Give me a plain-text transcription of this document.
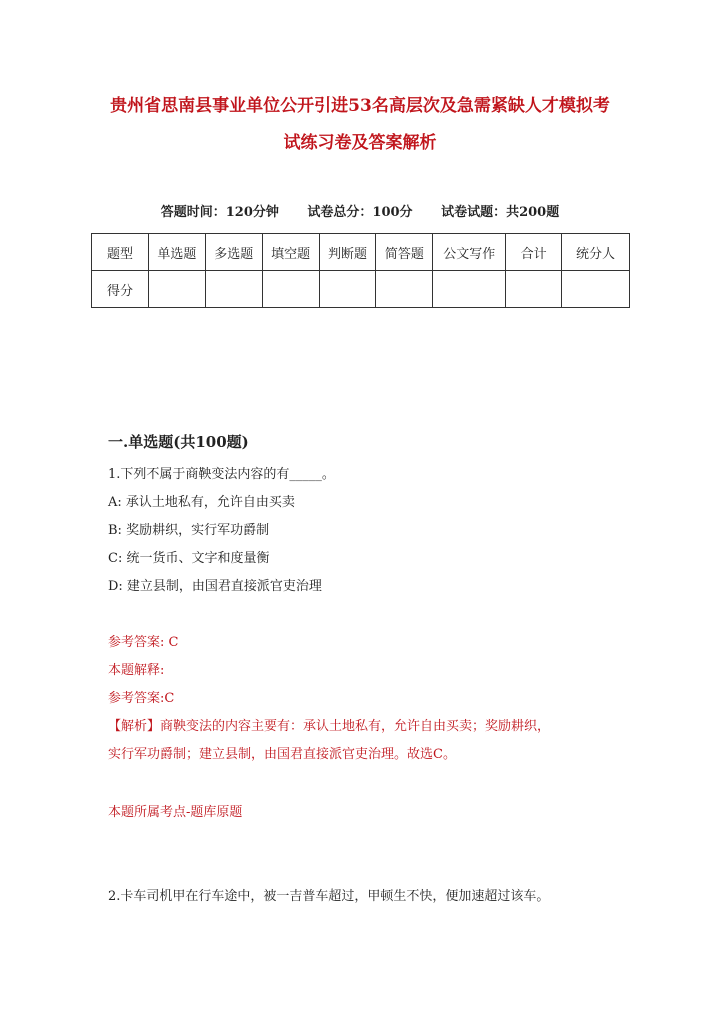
贵州省思南县事业单位公开引进53名高层次及急需紧缺人才模拟考
试练习卷及答案解析
答题时间：120分钟 试卷总分：100分 试卷试题：共200题
题型	单选题	多选题	填空题	判断题	简答题	公文写作	合计	统分人
得分								
一.单选题(共100题)
1.下列不属于商鞅变法内容的有_____。
A: 承认土地私有，允许自由买卖
B: 奖励耕织，实行军功爵制
C: 统一货币、文字和度量衡
D: 建立县制，由国君直接派官吏治理
参考答案: C
本题解释:
参考答案:C
【解析】商鞅变法的内容主要有：承认土地私有，允许自由买卖；奖励耕织，
实行军功爵制；建立县制，由国君直接派官吏治理。故选C。
本题所属考点-题库原题
2.卡车司机甲在行车途中，被一吉普车超过，甲顿生不快，便加速超过该车。
